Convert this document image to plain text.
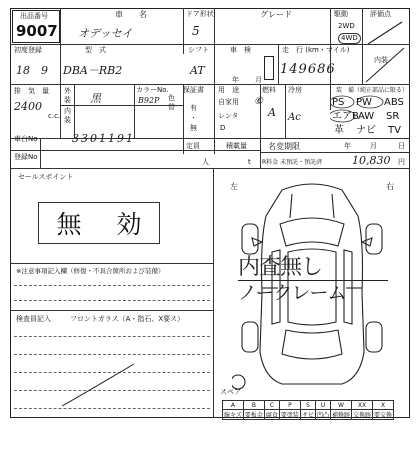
出品番号
9007
車　　名
オデッセイ
ドア形状
5
グレード	駆動
2WD
4WD
評価点
初度登録
18　9
型　式
DBA－RB2
シフト
AT
車　検
年 月
走　行 (km・マイル)
149686
内装
排　気　量
2400
c.c.
外装 黒
内装
カラーNo.
B92P 色替
保証書
有
・
無
用　途
自家用
レンタ
D
⑥
燃料
A
冷房
Ac
装　備（純正部品に限る）
PS PW ABS
エアB AW SR
革 ナビ TV
車台No	3301191
登録No
定員
人
積載量
t
名変期限	年	月	日
R料金 未預託・預託済	10,830 円
セールスポイント
無 効
※注意事項記入欄（修復・不具合箇所および装備）
検査員記入	フロントガラス（A・指石、X要ス）
左	右
内査無し
ノークレーム
スペア
A	B	C	P	S	U	W	XX	X
線キズ	要板金	腐食	要塗装	サビ	凹凸	補修跡	交換跡	要交換
